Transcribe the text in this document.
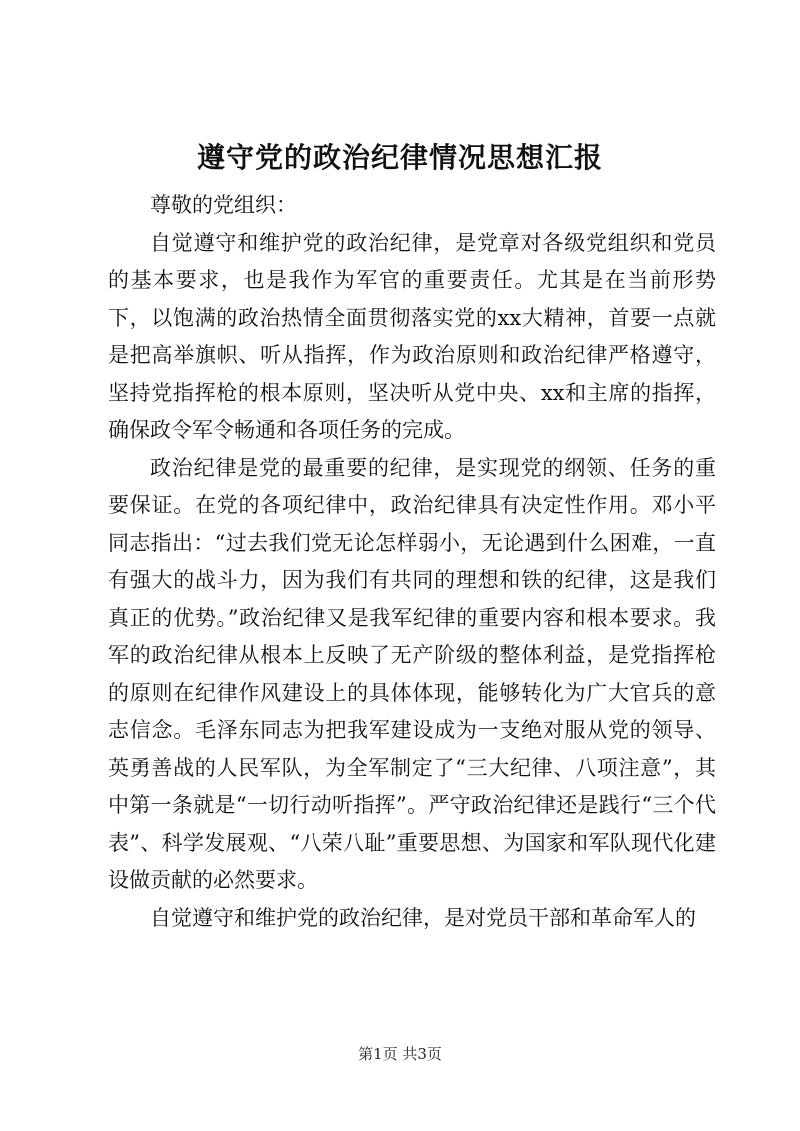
遵守党的政治纪律情况思想汇报

尊敬的党组织：

自觉遵守和维护党的政治纪律，是党章对各级党组织和党员的基本要求，也是我作为军官的重要责任。尤其是在当前形势下，以饱满的政治热情全面贯彻落实党的xx大精神，首要一点就是把高举旗帜、听从指挥，作为政治原则和政治纪律严格遵守，坚持党指挥枪的根本原则，坚决听从党中央、xx和主席的指挥，确保政令军令畅通和各项任务的完成。

政治纪律是党的最重要的纪律，是实现党的纲领、任务的重要保证。在党的各项纪律中，政治纪律具有决定性作用。邓小平同志指出：“过去我们党无论怎样弱小，无论遇到什么困难，一直有强大的战斗力，因为我们有共同的理想和铁的纪律，这是我们真正的优势。”政治纪律又是我军纪律的重要内容和根本要求。我军的政治纪律从根本上反映了无产阶级的整体利益，是党指挥枪的原则在纪律作风建设上的具体体现，能够转化为广大官兵的意志信念。毛泽东同志为把我军建设成为一支绝对服从党的领导、英勇善战的人民军队，为全军制定了“三大纪律、八项注意”，其中第一条就是“一切行动听指挥”。严守政治纪律还是践行“三个代表”、科学发展观、“八荣八耻”重要思想、为国家和军队现代化建设做贡献的必然要求。

自觉遵守和维护党的政治纪律，是对党员干部和革命军人的

第1页 共3页
